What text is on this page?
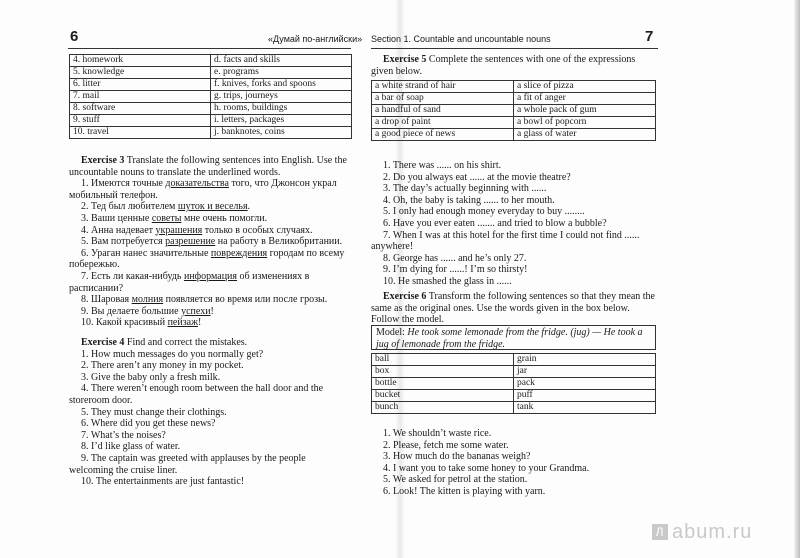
6	«Думай по-английски»
4. homework	d. facts and skills
5. knowledge	e. programs
6. litter	f. knives, forks and spoons
7. mail	g. trips, journeys
8. software	h. rooms, buildings
9. stuff	i. letters, packages
10. travel	j. banknotes, coins

Exercise 3 Translate the following sentences into English. Use the uncountable nouns to translate the underlined words.

1. Имеются точные доказательства того, что Джонсон украл мобильный телефон.

2. Тед был любителем шуток и веселья.

3. Ваши ценные советы мне очень помогли.

4. Анна надевает украшения только в особых случаях.

5. Вам потребуется разрешение на работу в Великобритании.

6. Ураган нанес значительные повреждения городам по всему побережью.

7. Есть ли какая-нибудь информация об изменениях в расписании?

8. Шаровая молния появляется во время или после грозы.

9. Вы делаете большие успехи!

10. Какой красивый пейзаж!

Exercise 4 Find and correct the mistakes.

1. How much messages do you normally get?

2. There aren’t any money in my pocket.

3. Give the baby only a fresh milk.

4. There weren’t enough room between the hall door and the storeroom door.

5. They must change their clothings.

6. Where did you get these news?

7. What’s the noises?

8. I’d like glass of water.

9. The captain was greeted with applauses by the people welcoming the cruise liner.

10. The entertainments are just fantastic!

Section 1. Countable and uncountable nouns	7

Exercise 5 Complete the sentences with one of the expressions given below.

a white strand of hair	a slice of pizza
a bar of soap	a fit of anger
a handful of sand	a whole pack of gum
a drop of paint	a bowl of popcorn
a good piece of news	a glass of water

1. There was ...... on his shirt.

2. Do you always eat ...... at the movie theatre?

3. The day’s actually beginning with ......

4. Oh, the baby is taking ...... to her mouth.

5. I only had enough money everyday to buy ........

6. Have you ever eaten ....... and tried to blow a bubble?

7. When I was at this hotel for the first time I could not find ...... anywhere!

8. George has ...... and he’s only 27.

9. I’m dying for ......! I’m so thirsty!

10. He smashed the glass in ......

Exercise 6 Transform the following sentences so that they mean the same as the original ones. Use the words given in the box below. Follow the model.

Model: He took some lemonade from the fridge. (jug) — He took a jug of lemonade from the fridge.
ball	grain
box	jar
bottle	pack
bucket	puff
bunch	tank

1. We shouldn’t waste rice.

2. Please, fetch me some water.

3. How much do the bananas weigh?

4. I want you to take some honey to your Grandma.

5. We asked for petrol at the station.

6. Look! The kitten is playing with yarn.

Л abum.ru
